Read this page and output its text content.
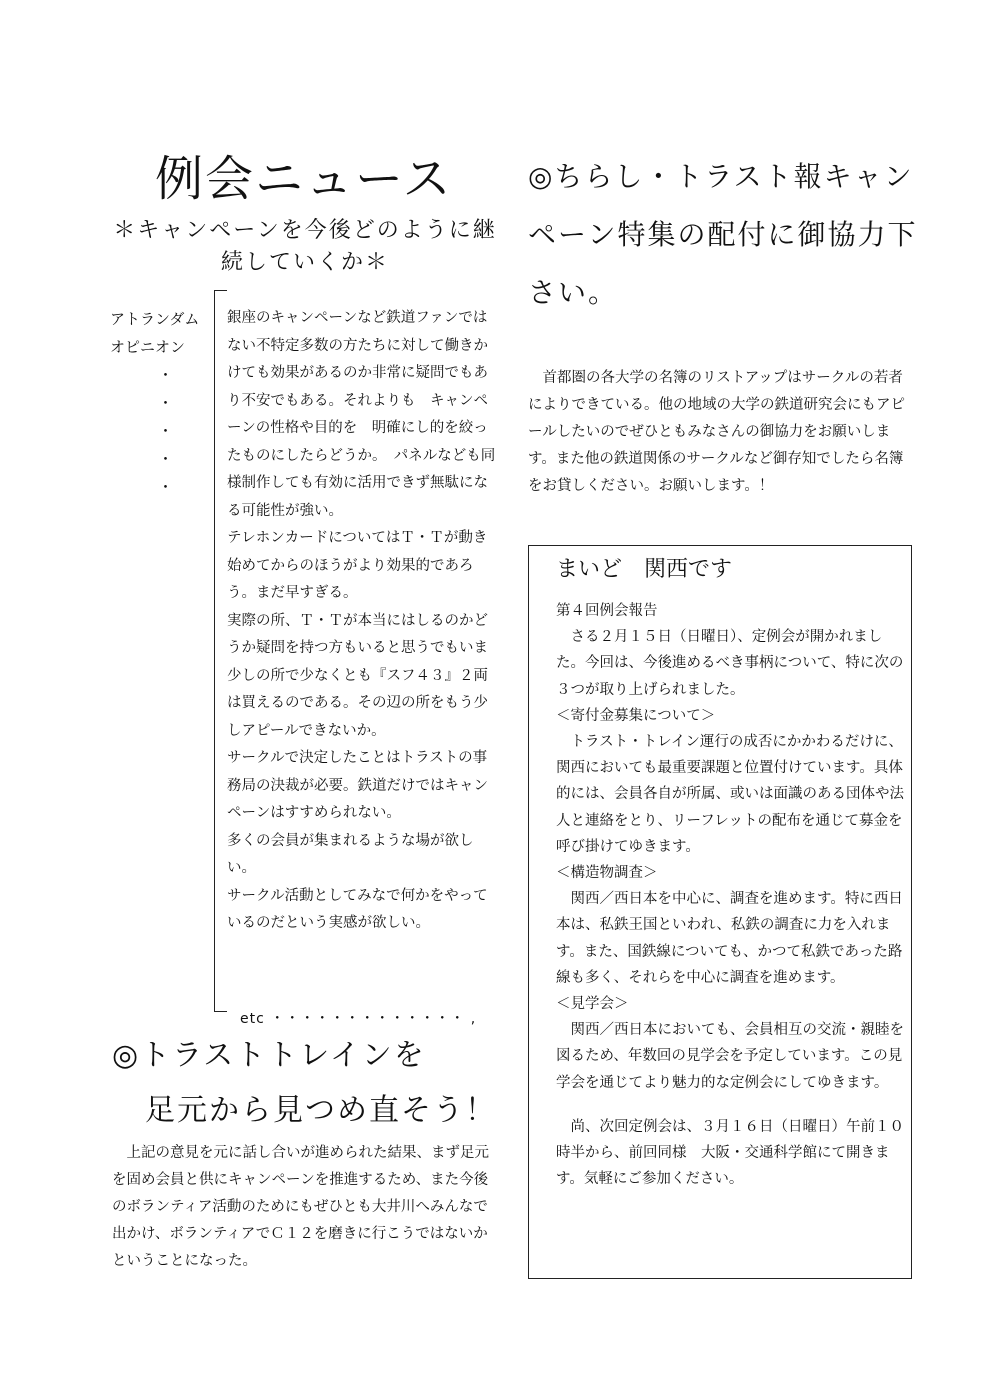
例会ニュース
＊キャンペーンを今後どのように継続していくか＊
アトランダム
オピニオン
・
・
・
・
・

銀座のキャンペーンなど鉄道ファンではない不特定多数の方たちに対して働きかけても効果があるのか非常に疑問でもあり不安でもある。それよりも　キャンペーンの性格や目的を　明確にし的を絞ったものにしたらどうか。　パネルなども同様制作しても有効に活用できず無駄になる可能性が強い。

テレホンカードについてはＴ・Ｔが動き始めてからのほうがより効果的であろう。まだ早すぎる。

実際の所、Ｔ・Ｔが本当にはしるのかどうか疑問を持つ方もいると思うでもいま少しの所で少なくとも『スフ４３』２両は買えるのである。その辺の所をもう少しアピールできないか。

サークルで決定したことはトラストの事務局の決裁が必要。鉄道だけではキャンペーンはすすめられない。

多くの会員が集まれるような場が欲しい。

サークル活動としてみなで何かをやっているのだという実感が欲しい。

etc ・・・・・・・・・・・・・ ,
◎トラストトレインを
足元から見つめ直そう！
上記の意見を元に話し合いが進められた結果、まず足元を固め会員と供にキャンペーンを推進するため、また今後のボランティア活動のためにもぜひとも大井川へみんなで出かけ、ボランティアでＣ１２を磨きに行こうではないかということになった。
◎ちらし・トラスト報キャンペーン特集の配付に御協力下さい。
首都圏の各大学の名簿のリストアップはサークルの若者によりできている。他の地域の大学の鉄道研究会にもアピールしたいのでぜひともみなさんの御協力をお願いします。また他の鉄道関係のサークルなど御存知でしたら名簿をお貸しください。お願いします。！
まいど　関西です

第４回例会報告

さる２月１５日（日曜日）、定例会が開かれました。今回は、今後進めるべき事柄について、特に次の３つが取り上げられました。

＜寄付金募集について＞

トラスト・トレイン運行の成否にかかわるだけに、関西においても最重要課題と位置付けています。具体的には、会員各自が所属、或いは面識のある団体や法人と連絡をとり、リーフレットの配布を通じて募金を呼び掛けてゆきます。

＜構造物調査＞

関西／西日本を中心に、調査を進めます。特に西日本は、私鉄王国といわれ、私鉄の調査に力を入れます。また、国鉄線についても、かつて私鉄であった路線も多く、それらを中心に調査を進めます。

＜見学会＞

関西／西日本においても、会員相互の交流・親睦を図るため、年数回の見学会を予定しています。この見学会を通じてより魅力的な定例会にしてゆきます。

尚、次回定例会は、３月１６日（日曜日）午前１０時半から、前回同様　大阪・交通科学館にて開きます。気軽にご参加ください。
